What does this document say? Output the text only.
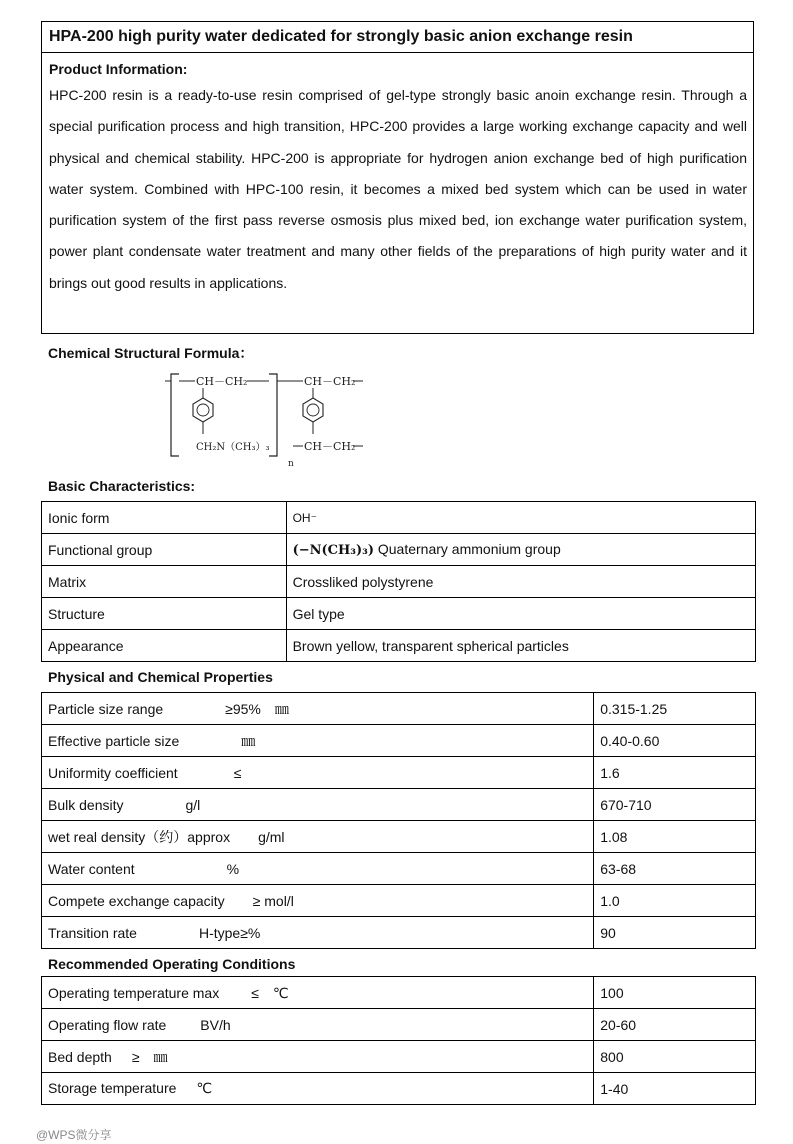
HPA-200 high purity water dedicated for strongly basic anion exchange resin
Product Information:
HPC-200 resin is a ready-to-use resin comprised of gel-type strongly basic anoin exchange resin. Through a special purification process and high transition, HPC-200 provides a large working exchange capacity and well physical and chemical stability. HPC-200 is appropriate for hydrogen anion exchange bed of high purification water system. Combined with HPC-100 resin, it becomes a mixed bed system which can be used in water purification system of the first pass reverse osmosis plus mixed bed, ion exchange water purification system, power plant condensate water treatment and many other fields of the preparations of high purity water and it brings out good results in applications.
Chemical Structural Formula：
CH－CH₂	CH－CH₂
CH₂N（CH₃）₃	CH－CH₂
n
Basic Characteristics:
Ionic form	OH⁻
Functional group	(−N(CH₃)₃) Quaternary ammonium group
Matrix	Crossliked polystyrene
Structure	Gel type
Appearance	Brown yellow, transparent spherical particles
Physical and Chemical Properties
Particle size range ≥95%　㎜	0.315-1.25
Effective particle size ㎜	0.40-0.60
Uniformity coefficient ≤	1.6
Bulk density g/l	670-710
wet real density（约）approx g/ml	1.08
Water content %	63-68
Compete exchange capacity ≥ mol/l	1.0
Transition rate H-type≥%	90
Recommended Operating Conditions
Operating temperature max ≤　℃	100
Operating flow rate BV/h	20-60
Bed depth ≥　㎜	800
Storage temperature ℃	1-40
@WPS微分享
